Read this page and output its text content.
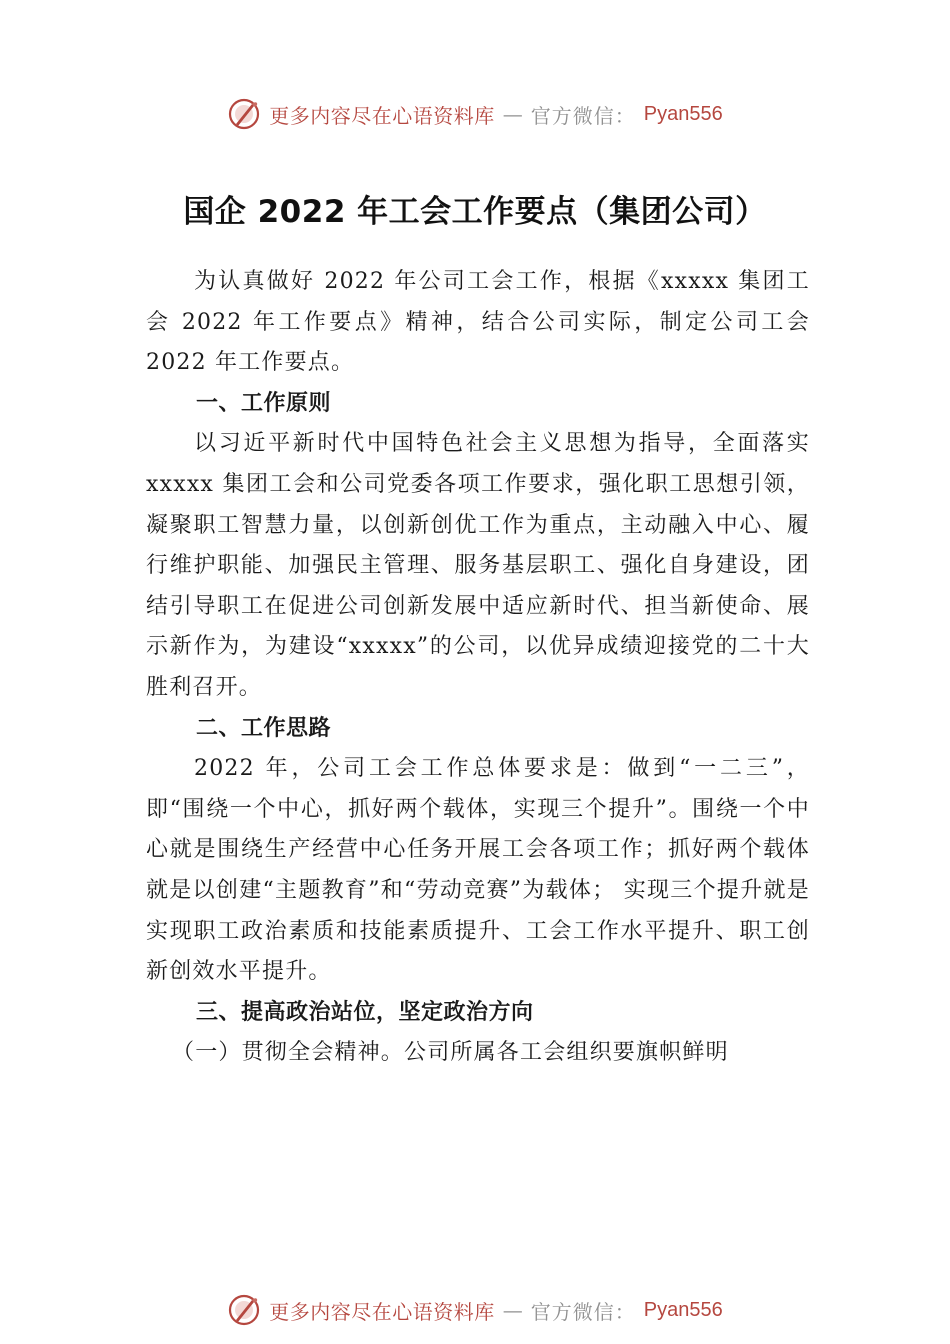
更多内容尽在心语资料库 — 官方微信： Pyan556
国企 2022 年工会工作要点（集团公司）

为认真做好 2022 年公司工会工作，根据《xxxxx 集团工会 2022 年工作要点》精神，结合公司实际，制定公司工会 2022 年工作要点。

一、工作原则

以习近平新时代中国特色社会主义思想为指导，全面落实 xxxxx 集团工会和公司党委各项工作要求，强化职工思想引领，凝聚职工智慧力量，以创新创优工作为重点，主动融入中心、履行维护职能、加强民主管理、服务基层职工、强化自身建设，团结引导职工在促进公司创新发展中适应新时代、担当新使命、展示新作为，为建设“xxxxx”的公司，以优异成绩迎接党的二十大胜利召开。

二、工作思路

2022 年，公司工会工作总体要求是：做到“一二三”，即“围绕一个中心，抓好两个载体，实现三个提升”。围绕一个中心就是围绕生产经营中心任务开展工会各项工作；抓好两个载体就是以创建“主题教育”和“劳动竞赛”为载体； 实现三个提升就是实现职工政治素质和技能素质提升、工会工作水平提升、职工创新创效水平提升。

三、提高政治站位，坚定政治方向

（一）贯彻全会精神。公司所属各工会组织要旗帜鲜明

更多内容尽在心语资料库 — 官方微信： Pyan556
